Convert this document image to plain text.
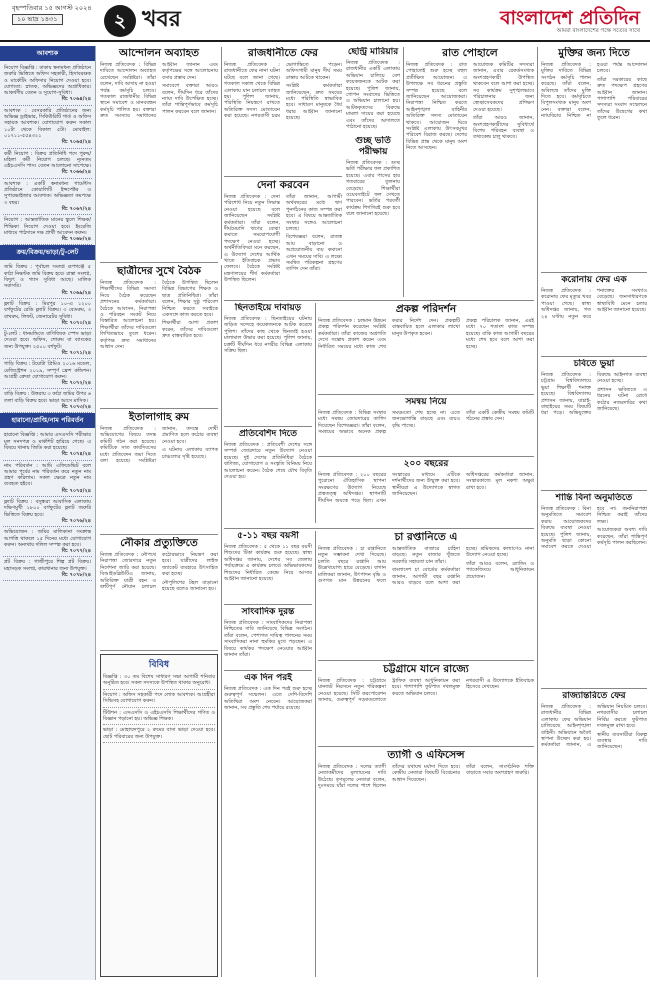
বৃহস্পতিবার ১৫ আগস্ট ২০২৪
১০ ভাদ্র ১৪৩১	২ খবর	বাংলাদেশ প্রতিদিন
আমরা বাংলাদেশের পক্ষে সত্যের সাথে
আবশ্যক
নিয়োগ বিজ্ঞপ্তি : ঢাকায় স্বনামধন্য প্রতিষ্ঠানে জরুরি ভিত্তিতে অফিস সহকারী, হিসাবরক্ষক ও মার্কেটিং অফিসার নিয়োগ দেওয়া হবে। যোগ্যতা: স্নাতক, অভিজ্ঞদের অগ্রাধিকার। আকর্ষণীয় বেতন ও সুযোগ-সুবিধা।
বি: ৭০৬৪/২৪
আবশ্যক : বেসরকারি প্রতিষ্ঠানের জন্য অভিজ্ঞ ড্রাইভার, সিকিউরিটি গার্ড ও অফিস সহায়ক আবশ্যক। যোগাযোগ করুন সকাল ১০টা থেকে বিকাল ৫টা। মোবাইল: ০১৭১১-৫৫৪৩২১
বি: ৭০৬৫/২৪
কর্মী নিয়োগ : বিক্রয় প্রতিনিধি পদে পুরুষ/মহিলা কর্মী নিয়োগ চলছে। ন্যূনতম এইচএসসি পাস। বেতন আলোচনা সাপেক্ষে।
বি: ৭০৬৬/২৪
আবশ্যক : একটি স্বনামধন্য গার্মেন্টস প্রতিষ্ঠানে কোয়ালিটি ইন্সপেক্টর ও সুপারভাইজার আবশ্যক। অভিজ্ঞতা কমপক্ষে ৩ বছর।
বি: ৭০৬৭/২৪
নিয়োগ : আন্তর্জাতিক মানের স্কুলে শিক্ষক/শিক্ষিকা নিয়োগ দেওয়া হবে। ইংরেজি মাধ্যমে পাঠদানে দক্ষ প্রার্থী আবেদন করুন।
বি: ৭০৬৮/২৪
ক্রয়/বিক্রয়/ভাড়া/টু-লেট
জমি বিক্রয় : পূর্বাচল সংলগ্ন রূপগঞ্জে ৫ কাঠা নিষ্কণ্টক জমি বিক্রয় হবে। রাস্তা সংলগ্ন, বিদ্যুৎ ও গ্যাস সুবিধা আছে। মালিক সরাসরি।
বি: ৭০৬৯/২৪
ফ্ল্যাট বিক্রয় : মিরপুর ১০-এ ১২০০ বর্গফুটের রেডি ফ্ল্যাট বিক্রয়। ৩ বেডরুম, ৩ বাথরুম, লিফট, জেনারেটর সুবিধা।
বি: ৭০৭০/২৪
টু-লেট : ধানমন্ডিতে বাণিজ্যিক স্পেস ভাড়া দেওয়া হবে। অফিস, শোরুম বা ব্যাংকের জন্য উপযুক্ত। ২৫০০ বর্গফুট।
বি: ৭০৭১/২৪
গাড়ি বিক্রয় : টয়োটা প্রিমিও ২০১৬ মডেল, রেজিস্ট্রেশন ২০১৯, সম্পূর্ণ ফ্রেশ কন্ডিশন। আগ্রহী ক্রেতা যোগাযোগ করুন।
বি: ৭০৭২/২৪
বাড়ি বিক্রয় : উত্তরায় ৩ কাঠা জমির উপর ৬ তলা বাড়ি বিক্রয় হবে। ভাড়া আসে মাসিক।
বি: ৭০৭৩/২৪
হারানো/প্রাপ্তি/নাম পরিবর্তন
হারানো বিজ্ঞপ্তি : আমার এসএসসি পরীক্ষার মূল সনদপত্র ও মার্কশিট হারিয়ে গেছে। এ বিষয়ে থানায় জিডি করা হয়েছে।
বি: ৭০৭৪/২৪
নাম পরিবর্তন : আমি এফিডেভিট বলে আমার পূর্বের নাম পরিবর্তন করে নতুন নাম গ্রহণ করিলাম। সকল ক্ষেত্রে নতুন নাম ব্যবহৃত হইবে।
বি: ৭০৭৫/২৪
ফ্ল্যাট বিক্রয় : বসুন্ধরা আবাসিক এলাকায় দক্ষিণমুখী ১৮০০ বর্গফুটের ফ্ল্যাট জরুরি ভিত্তিতে বিক্রয় হবে।
বি: ৭০৭৬/২৪
অভিযোজন : জমির মালিকানা সংক্রান্ত আপত্তি থাকলে ১৫ দিনের মধ্যে যোগাযোগ করুন। অন্যথায় দলিল সম্পন্ন করা হবে।
বি: ৭০৭৭/২৪
প্লট বিক্রয় : গাজীপুরে শিল্প প্লট বিক্রয়। মহাসড়ক সংলগ্ন, কারখানার জন্য উপযুক্ত।
বি: ৭০৭৮/২৪
আন্দোলন অব্যাহত

নিজস্ব প্রতিবেদক : বিভিন্ন দাবিতে আন্দোলন অব্যাহত রেখেছেন সংশ্লিষ্টরা। তাঁরা বলেন, দাবি আদায় না হওয়া পর্যন্ত কর্মসূচি চলবে। গতকাল রাজধানীর বিভিন্ন স্থানে সমাবেশ ও মানববন্ধন কর্মসূচি পালিত হয়। বক্তারা দ্রুত সমস্যার সমাধানের আহ্বান জানান এবং কর্তৃপক্ষের সঙ্গে আলোচনায় বসার প্রস্তাব দেন।

সমাবেশে বক্তারা আরও বলেন, দীর্ঘদিন ধরে তাঁদের ন্যায্য দাবি উপেক্ষিত হচ্ছে। তাঁরা শান্তিপূর্ণভাবে কর্মসূচি পালন করবেন বলে জানান।

রাজধানীতে ফের

নিজস্ব প্রতিবেদক : রাজধানীতে ফের নানা ঘটনা ঘটছে বলে জানা গেছে। গতকাল সকাল থেকে বিভিন্ন এলাকায় যান চলাচল ব্যাহত হয়। পুলিশ জানায়, পরিস্থিতি নিয়ন্ত্রণে রাখতে অতিরিক্ত সদস্য মোতায়েন করা হয়েছে। নগরবাসী চরম ভোগান্তিতে পড়েন। অফিসগামী মানুষ দীর্ঘ সময় রাস্তায় আটকে থাকেন।

সংশ্লিষ্ট কর্মকর্তারা জানিয়েছেন, দ্রুত সময়ের মধ্যে পরিস্থিতি স্বাভাবিক হবে। সাধারণ মানুষকে ধৈর্য ধরার আহ্বান জানানো হয়েছে।

ছেন্ট্রি মারিয়ার

নিজস্ব প্রতিবেদক : রাজধানীর একটি এলাকায় অভিযান চালিয়ে বেশ কয়েকজনকে আটক করা হয়েছে। পুলিশ জানায়, গোপন সংবাদের ভিত্তিতে এ অভিযান চালানো হয়। আটককৃতদের বিরুদ্ধে মামলা দায়ের করা হয়েছে এবং তাঁদের আদালতে পাঠানো হয়েছে।

গুচ্ছ ভর্তি পরীক্ষায়

নিজস্ব প্রতিবেদক : গুচ্ছ ভর্তি পরীক্ষার ফল প্রকাশিত হয়েছে। এবার পাসের হার গতবারের তুলনায় বেড়েছে। শিক্ষার্থীরা ওয়েবসাইটে ফল দেখতে পারবেন। ভর্তির পরবর্তী কার্যক্রম শিগগিরই শুরু হবে বলে জানানো হয়েছে।

রাত পোহালে

নিজস্ব প্রতিবেদক : রাত পোহালেই শুরু হচ্ছে বহুল প্রতীক্ষিত আয়োজন। এ উপলক্ষে সব ধরনের প্রস্তুতি সম্পন্ন হয়েছে বলে জানিয়েছেন আয়োজকরা। নিরাপত্তা নিশ্চিত করতে আইনশৃঙ্খলা বাহিনীর অতিরিক্ত সদস্য মোতায়েন থাকবে। আয়োজন ঘিরে সংশ্লিষ্ট এলাকায় উৎসবমুখর পরিবেশ বিরাজ করছে। দেশের বিভিন্ন প্রান্ত থেকে মানুষ অংশ নিতে আসছেন।

আয়োজক কমিটির সদস্যরা জানান, এবার রেকর্ডসংখ্যক অংশগ্রহণকারী উপস্থিত থাকবেন বলে আশা করা হচ্ছে। সব কার্যক্রম সুশৃঙ্খলভাবে পরিচালনার জন্য স্বেচ্ছাসেবকদের প্রশিক্ষণ দেওয়া হয়েছে।

তাঁরা আরও জানান, অংশগ্রহণকারীদের সুবিধার্থে বিশেষ পরিবহন ব্যবস্থা ও তথ্যকেন্দ্র চালু থাকবে।

মুক্তির জন্য দিতে

নিজস্ব প্রতিবেদক : মুক্তির দাবিতে বিভিন্ন সংগঠন কর্মসূচি পালন করেছে। তাঁরা বলেন, অবিলম্বে তাঁদের মুক্তি দিতে হবে। কর্মসূচিতে বিপুলসংখ্যক মানুষ অংশ নেন। বক্তারা বলেন, ন্যায়বিচার নিশ্চিত না হওয়া পর্যন্ত আন্দোলন চলবে।

তাঁরা সরকারের কাছে দ্রুত পদক্ষেপ গ্রহণের আহ্বান জানান। পাশাপাশি পরিবারের সদস্যরা সংবাদ সম্মেলনে তাঁদের উদ্বেগের কথা তুলে ধরেন।

করোনায় ফের এক

নিজস্ব প্রতিবেদক : করোনায় ফের মৃত্যুর খবর পাওয়া গেছে। স্বাস্থ্য অধিদপ্তর জানায়, গত ২৪ ঘণ্টায় নতুন করে শনাক্তের সংখ্যাও বেড়েছে। জনসাধারণকে স্বাস্থ্যবিধি মেনে চলার আহ্বান জানানো হয়েছে।

চবিতে ভুয়া

নিজস্ব প্রতিবেদক : চট্টগ্রাম বিশ্ববিদ্যালয়ে ভুয়া শিক্ষার্থী শনাক্ত হয়েছে। বিশ্ববিদ্যালয় প্রশাসন জানায়, যাচাই-বাছাইয়ের সময় বিষয়টি ধরা পড়ে। অভিযুক্তের বিরুদ্ধে আইনগত ব্যবস্থা নেওয়া হচ্ছে।

প্রশাসন ভবিষ্যতে এ ধরনের ঘটনা রোধে কঠোর নজরদারির কথা জানিয়েছে।

শান্তি বিনা অনুমতিতে

নিজস্ব প্রতিবেদক : বিনা অনুমতিতে সমাবেশ করায় আয়োজকদের বিরুদ্ধে ব্যবস্থা নেওয়া হয়েছে। পুলিশ জানায়, অনুমতি ছাড়া কোনো সমাবেশ করতে দেওয়া হবে না। জননিরাপত্তা নিশ্চিত করাই তাঁদের লক্ষ্য।

আয়োজকরা অবশ্য দাবি করেছেন, তাঁরা শান্তিপূর্ণ কর্মসূচি পালন করছিলেন।

রাজ্যান্তরিতে ফের

নিজস্ব প্রতিবেদক : রাজধানীর বিভিন্ন এলাকায় ফের অভিযান চালিয়েছে আইনশৃঙ্খলা বাহিনী। অভিযানে অবৈধ স্থাপনা উচ্ছেদ করা হয়। কর্মকর্তারা জানান, এ অভিযান নিয়মিত চলবে। নগরবাসীর চলাচল নির্বিঘ্ন করতে ফুটপাত দখলমুক্ত রাখা হবে।

স্থানীয় ব্যবসায়ীরা বিকল্প ব্যবস্থার দাবি জানিয়েছেন।

দেনা করবেন

নিজস্ব প্রতিবেদক : দেনা পরিশোধ নিয়ে নতুন সিদ্ধান্ত নেওয়া হয়েছে বলে জানিয়েছেন সংশ্লিষ্ট কর্মকর্তারা। তাঁরা বলেন, দীর্ঘমেয়াদি ঋণের বোঝা কমাতে সময়োপযোগী পদক্ষেপ নেওয়া হচ্ছে। অর্থনীতিবিদরা মনে করছেন, এ উদ্যোগ দেশের আর্থিক খাতে ইতিবাচক প্রভাব ফেলবে। বৈঠকে সংশ্লিষ্ট মন্ত্রণালয়ের শীর্ষ কর্মকর্তারা উপস্থিত ছিলেন।

তাঁরা জানান, আগামী অর্থবছরের মধ্যে ঋণ পুনর্গঠনের কাজ সম্পন্ন করা হবে। এ বিষয়ে আন্তর্জাতিক সংস্থার সঙ্গেও আলোচনা চলছে।

বিশেষজ্ঞরা বলেন, রাজস্ব আয় বাড়ানো ও অপ্রয়োজনীয় ব্যয় কমানো এখন সময়ের দাবি। এ লক্ষ্যে সমন্বিত পরিকল্পনা গ্রহণের তাগিদ দেন তাঁরা।

ছাত্রীদের সুখে বৈঠক

নিজস্ব প্রতিবেদক : শিক্ষার্থীদের বিভিন্ন সমস্যা নিয়ে বৈঠক করেছেন প্রশাসনের কর্মকর্তারা। বৈঠকে আবাসন, নিরাপত্তা ও পরিবহন সংকট নিয়ে বিস্তারিত আলোচনা হয়। শিক্ষার্থীরা তাঁদের দাবিগুলো লিখিতভাবে তুলে ধরেন। কর্তৃপক্ষ দ্রুত সমাধানের আশ্বাস দেন।

বৈঠকে উপস্থিত ছিলেন বিভিন্ন বিভাগের শিক্ষক ও ছাত্র প্রতিনিধিরা। তাঁরা বলেন, শিক্ষার সুষ্ঠু পরিবেশ নিশ্চিত করতে সবাইকে একসঙ্গে কাজ করতে হবে।

শিক্ষার্থীরা আশা প্রকাশ করেন, তাঁদের দাবিগুলো দ্রুত বাস্তবায়িত হবে।

ছিনতাইয়ে দাবায়ড়

নিজস্ব প্রতিবেদক : ছিনতাইয়ের ঘটনায় জড়িত সন্দেহে কয়েকজনকে আটক করেছে পুলিশ। তাঁদের কাছ থেকে ছিনতাই হওয়া মালামাল উদ্ধার করা হয়েছে। পুলিশ জানায়, চক্রটি দীর্ঘদিন ধরে নগরীর বিভিন্ন এলাকায় সক্রিয় ছিল।

প্রকল্প পরিদর্শন

নিজস্ব প্রতিবেদক : চলমান উন্নয়ন প্রকল্প পরিদর্শন করেছেন সংশ্লিষ্ট কর্মকর্তারা। তাঁরা কাজের অগ্রগতি দেখে সন্তোষ প্রকাশ করেন এবং নির্ধারিত সময়ের মধ্যে কাজ শেষ করার নির্দেশ দেন। প্রকল্পটি বাস্তবায়িত হলে এলাকার লাখো মানুষ উপকৃত হবেন।

প্রকল্প পরিচালক জানান, এরই মধ্যে ৭০ শতাংশ কাজ সম্পন্ন হয়েছে। বাকি কাজ আগামী বছরের মধ্যে শেষ হবে বলে আশা করা হচ্ছে।

সমন্বয় নিয়ে

নিজস্ব প্রতিবেদক : বিভিন্ন সংস্থার মধ্যে সমন্বয় জোরদারের তাগিদ দিয়েছেন বিশেষজ্ঞরা। তাঁরা বলেন, সমন্বয়ের অভাবে অনেক প্রকল্প সময়মতো শেষ হচ্ছে না। এতে জনভোগান্তি বাড়ছে এবং ব্যয়ও বৃদ্ধি পাচ্ছে।

তাঁরা একটি কেন্দ্রীয় সমন্বয় কমিটি গঠনের প্রস্তাব দেন।

প্রতিবেশিদ দিতে

নিজস্ব প্রতিবেদক : প্রতিবেশী দেশের সঙ্গে সম্পর্ক জোরদারে নতুন উদ্যোগ নেওয়া হয়েছে। দুই দেশের প্রতিনিধিরা বৈঠকে বাণিজ্য, যোগাযোগ ও সংস্কৃতি বিনিময় নিয়ে আলোচনা করেন। বৈঠক শেষে যৌথ বিবৃতি দেওয়া হয়।

২০০ বছরের

নিজস্ব প্রতিবেদক : ২০০ বছরের পুরোনো ঐতিহাসিক স্থাপনা সংরক্ষণের উদ্যোগ নিয়েছে প্রত্নতত্ত্ব অধিদপ্তর। স্থাপনাটি দীর্ঘদিন অযত্নে পড়ে ছিল। এখন সংস্কারের মাধ্যমে এটিকে দর্শনার্থীদের জন্য উন্মুক্ত করা হবে। স্থানীয়রা এ উদ্যোগকে স্বাগত জানিয়েছেন।

অধিদপ্তরের কর্মকর্তারা জানান, সংস্কারকাজে মূল নকশা অক্ষুণ্ণ রাখা হবে।

ইতালাগাহ রুম

নিজস্ব প্রতিবেদক : অভিযোগের বিষয়ে তদন্ত কমিটি গঠন করা হয়েছে। কমিটিকে সাত কার্যদিবসের মধ্যে প্রতিবেদন জমা দিতে বলা হয়েছে। সংশ্লিষ্টরা জানান, তদন্তে দোষী প্রমাণিত হলে কঠোর ব্যবস্থা নেওয়া হবে।

এ ঘটনায় এলাকায় ব্যাপক চাঞ্চল্যের সৃষ্টি হয়েছে।

৫-১১ বছর বয়সী

নিজস্ব প্রতিবেদক : ৫ থেকে ১১ বছর বয়সী শিশুদের টিকা কার্যক্রম শুরু হয়েছে। স্বাস্থ্য অধিদপ্তর জানায়, দেশের সব জেলায় পর্যায়ক্রমে এ কার্যক্রম চলবে। অভিভাবকদের শিশুদের নির্ধারিত কেন্দ্রে নিয়ে আসার আহ্বান জানানো হয়েছে।

চা রপ্তানিতে এ

নিজস্ব প্রতিবেদক : চা রপ্তানিতে নতুন সম্ভাবনা দেখা দিয়েছে। চলতি বছরে রপ্তানি আয় উল্লেখযোগ্য হারে বেড়েছে। বাগান মালিকরা জানান, উৎপাদন বৃদ্ধি ও গুণগত মান উন্নয়নের ফলে আন্তর্জাতিক বাজারে চাহিদা বাড়ছে। নতুন বাজার খুঁজতে সরকারি সহায়তা চান তাঁরা।

বাংলাদেশ চা বোর্ডের কর্মকর্তারা জানান, আগামী বছর রপ্তানি আরও বাড়বে বলে আশা করা হচ্ছে। শ্রমিকদের কল্যাণেও নানা উদ্যোগ নেওয়া হচ্ছে।

তাঁরা আরও বলেন, ব্র্যান্ডিং ও প্যাকেজিংয়ে আধুনিকায়ন প্রয়োজন।

সাংবাদিক দুরন্ত

নিজস্ব প্রতিবেদক : সাংবাদিকদের নিরাপত্তা নিশ্চিতের দাবি জানিয়েছে বিভিন্ন সংগঠন। তাঁরা বলেন, পেশাগত দায়িত্ব পালনের সময় সাংবাদিকরা নানা হুমকির মুখে পড়ছেন। এ বিষয়ে কার্যকর পদক্ষেপ নেওয়ার আহ্বান জানান তাঁরা।

নৌকার প্রত্যুক্তিতে

নিজস্ব প্রতিবেদক : নৌপথে নিরাপত্তা জোরদারে নতুন নির্দেশনা জারি করা হয়েছে। বিআইডব্লিউটিএ জানায়, অতিরিক্ত যাত্রী বহন ও ত্রুটিপূর্ণ নৌযান চলাচল কঠোরভাবে নিয়ন্ত্রণ করা হবে। যাত্রীদের লাইফ জ্যাকেট ব্যবহারে উৎসাহিত করা হচ্ছে।

নৌপুলিশের টহল বাড়ানো হয়েছে বলেও জানানো হয়।

চট্টগ্রামে যানে রাজ্যে

নিজস্ব প্রতিবেদক : চট্টগ্রামে যানজট নিরসনে নতুন পরিকল্পনা নেওয়া হয়েছে। সিটি করপোরেশন জানায়, গুরুত্বপূর্ণ সড়কগুলোতে ট্রাফিক ব্যবস্থা আধুনিকায়ন করা হবে। পাশাপাশি ফুটপাত দখলমুক্ত করতে অভিযান চলবে।

নগরবাসী এ উদ্যোগকে ইতিবাচক হিসেবে দেখছেন।

এক দিন পরই

নিজস্ব প্রতিবেদক : এক দিন পরই শুরু হচ্ছে গুরুত্বপূর্ণ সম্মেলন। এতে দেশি-বিদেশি অতিথিরা অংশ নেবেন। আয়োজকরা জানান, সব প্রস্তুতি শেষ পর্যায়ে রয়েছে।

ত্যাগী ও এফিসেন্স

নিজস্ব প্রতিবেদক : দলের ত্যাগী নেতাকর্মীদের মূল্যায়নের দাবি উঠেছে। তৃণমূলের নেতারা বলেন, দুঃসময়ে যাঁরা দলের পাশে ছিলেন তাঁদের যথাযথ মর্যাদা দিতে হবে। কেন্দ্রীয় নেতারা বিষয়টি বিবেচনার আশ্বাস দিয়েছেন।

তাঁরা বলেন, সাংগঠনিক শক্তি বাড়াতে সবার অংশগ্রহণ জরুরি।

বিবিধ

বিজ্ঞপ্তি : ৩০ তম বিশেষ সাধারণ সভা আগামী শনিবার অনুষ্ঠিত হবে। সকল সদস্যকে উপস্থিত থাকার অনুরোধ।

নিয়োগ : অফিস সহকারী পদে লোক আবশ্যক। আগ্রহীরা সিভিসহ যোগাযোগ করুন।

টিউশন : এসএসসি ও এইচএসসি শিক্ষার্থীদের গণিত ও বিজ্ঞান পড়ানো হয়। অভিজ্ঞ শিক্ষক।

ভাড়া : মোহাম্মদপুরে ২ রুমের বাসা ভাড়া দেওয়া হবে। ছোট পরিবারের জন্য উপযুক্ত।
